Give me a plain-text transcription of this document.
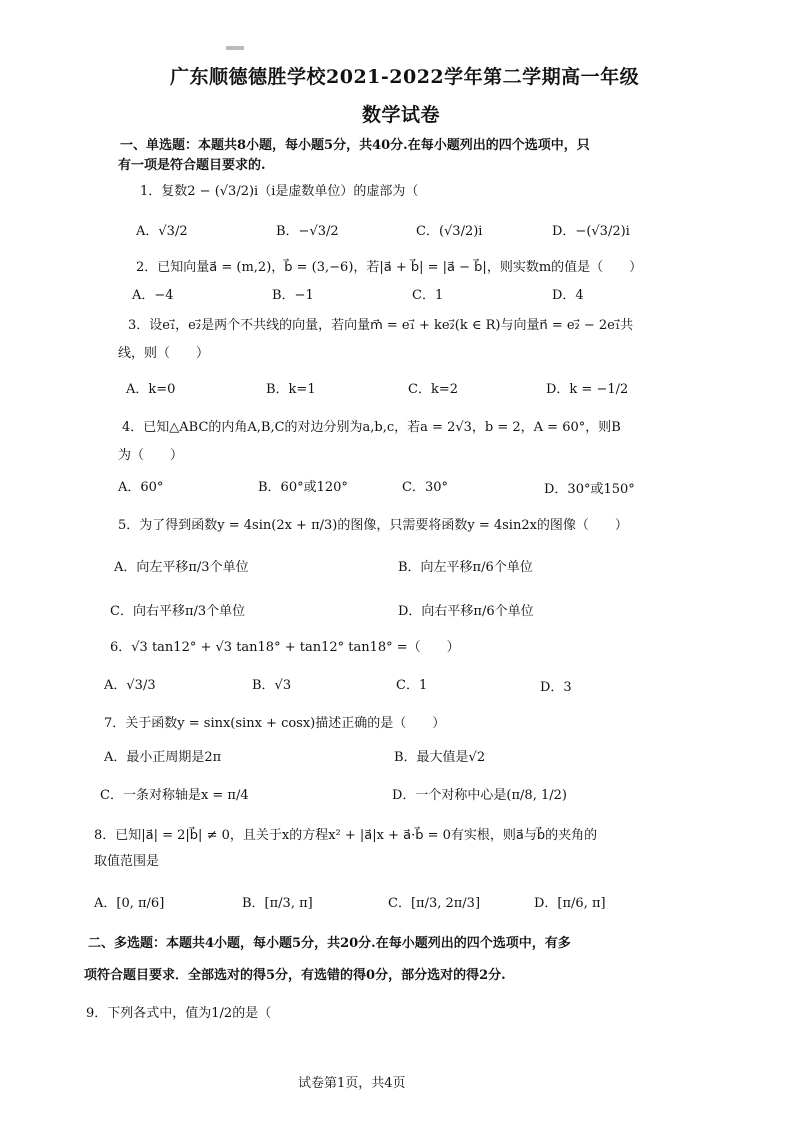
广东顺德德胜学校2021-2022学年第二学期高一年级
数学试卷
一、单选题：本题共8小题，每小题5分，共40分.在每小题列出的四个选项中，只
有一项是符合题目要求的.
1．复数2 − (√3/2)i（i是虚数单位）的虚部为（
A．√3/2	B．−√3/2	C．(√3/2)i	D．−(√3/2)i
2．已知向量a⃗ = (m,2)，b⃗ = (3,−6)，若|a⃗ + b⃗| = |a⃗ − b⃗|，则实数m的值是（　　）
A．−4	B．−1	C．1	D．4
3．设e₁⃗，e₂⃗是两个不共线的向量，若向量m⃗ = e₁⃗ + ke₂⃗(k ∈ R)与向量n⃗ = e₂⃗ − 2e₁⃗共
线，则（　　）
A．k=0	B．k=1	C．k=2	D．k = −1/2
4．已知△ABC的内角A,B,C的对边分别为a,b,c，若a = 2√3，b = 2，A = 60°，则B
为（　　）
A．60°	B．60°或120°	C．30°	D．30°或150°
5．为了得到函数y = 4sin(2x + π/3)的图像，只需要将函数y = 4sin2x的图像（　　）
A．向左平移π/3个单位	B．向左平移π/6个单位
C．向右平移π/3个单位	D．向右平移π/6个单位
6．√3 tan12° + √3 tan18° + tan12° tan18° =（　　）
A．√3/3	B．√3	C．1	D．3
7．关于函数y = sinx(sinx + cosx)描述正确的是（　　）
A．最小正周期是2π	B．最大值是√2
C．一条对称轴是x = π/4	D．一个对称中心是(π/8, 1/2)
8．已知|a⃗| = 2|b⃗| ≠ 0，且关于x的方程x² + |a⃗|x + a⃗·b⃗ = 0有实根，则a⃗与b⃗的夹角的
取值范围是
A．[0, π/6]	B．[π/3, π]	C．[π/3, 2π/3]	D．[π/6, π]
二、多选题：本题共4小题，每小题5分，共20分.在每小题列出的四个选项中，有多
项符合题目要求．全部选对的得5分，有选错的得0分，部分选对的得2分.
9．下列各式中，值为1/2的是（
试卷第1页，共4页
